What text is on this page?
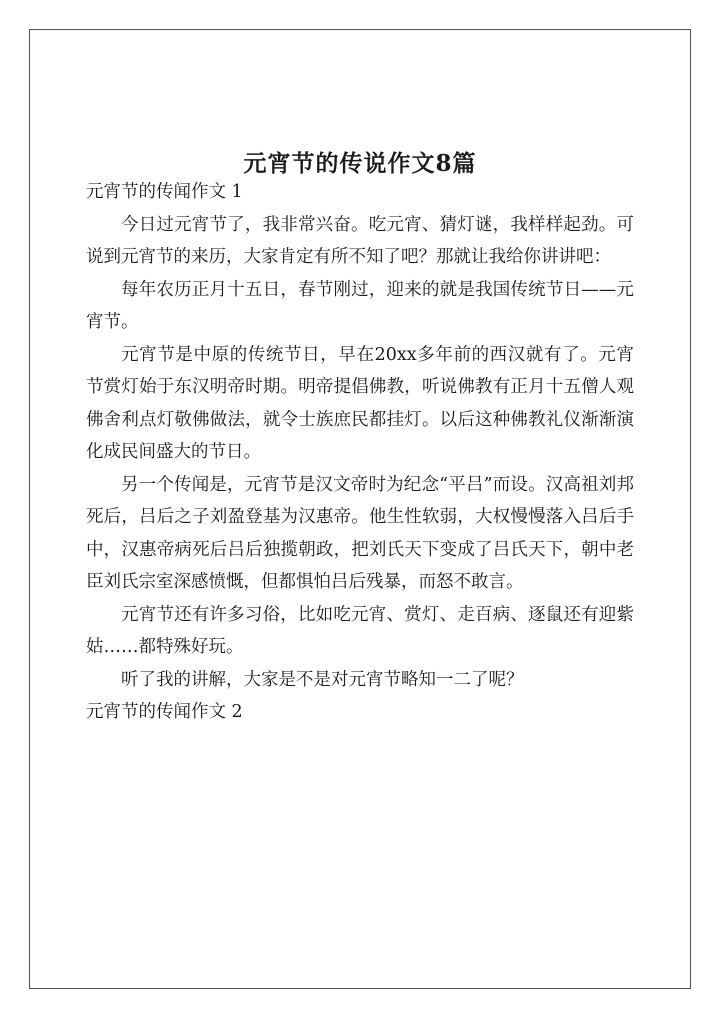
元宵节的传说作文8篇

元宵节的传闻作文 1

今日过元宵节了，我非常兴奋。吃元宵、猜灯谜，我样样起劲。可说到元宵节的来历，大家肯定有所不知了吧？那就让我给你讲讲吧：

每年农历正月十五日，春节刚过，迎来的就是我国传统节日——元宵节。

元宵节是中原的传统节日，早在20xx多年前的西汉就有了。元宵节赏灯始于东汉明帝时期。明帝提倡佛教，听说佛教有正月十五僧人观佛舍利点灯敬佛做法，就令士族庶民都挂灯。以后这种佛教礼仪渐渐演化成民间盛大的节日。

另一个传闻是，元宵节是汉文帝时为纪念“平吕”而设。汉高祖刘邦死后，吕后之子刘盈登基为汉惠帝。他生性软弱，大权慢慢落入吕后手中，汉惠帝病死后吕后独揽朝政，把刘氏天下变成了吕氏天下，朝中老臣刘氏宗室深感愤慨，但都惧怕吕后残暴，而怒不敢言。

元宵节还有许多习俗，比如吃元宵、赏灯、走百病、逐鼠还有迎紫姑……都特殊好玩。

听了我的讲解，大家是不是对元宵节略知一二了呢？

元宵节的传闻作文 2
